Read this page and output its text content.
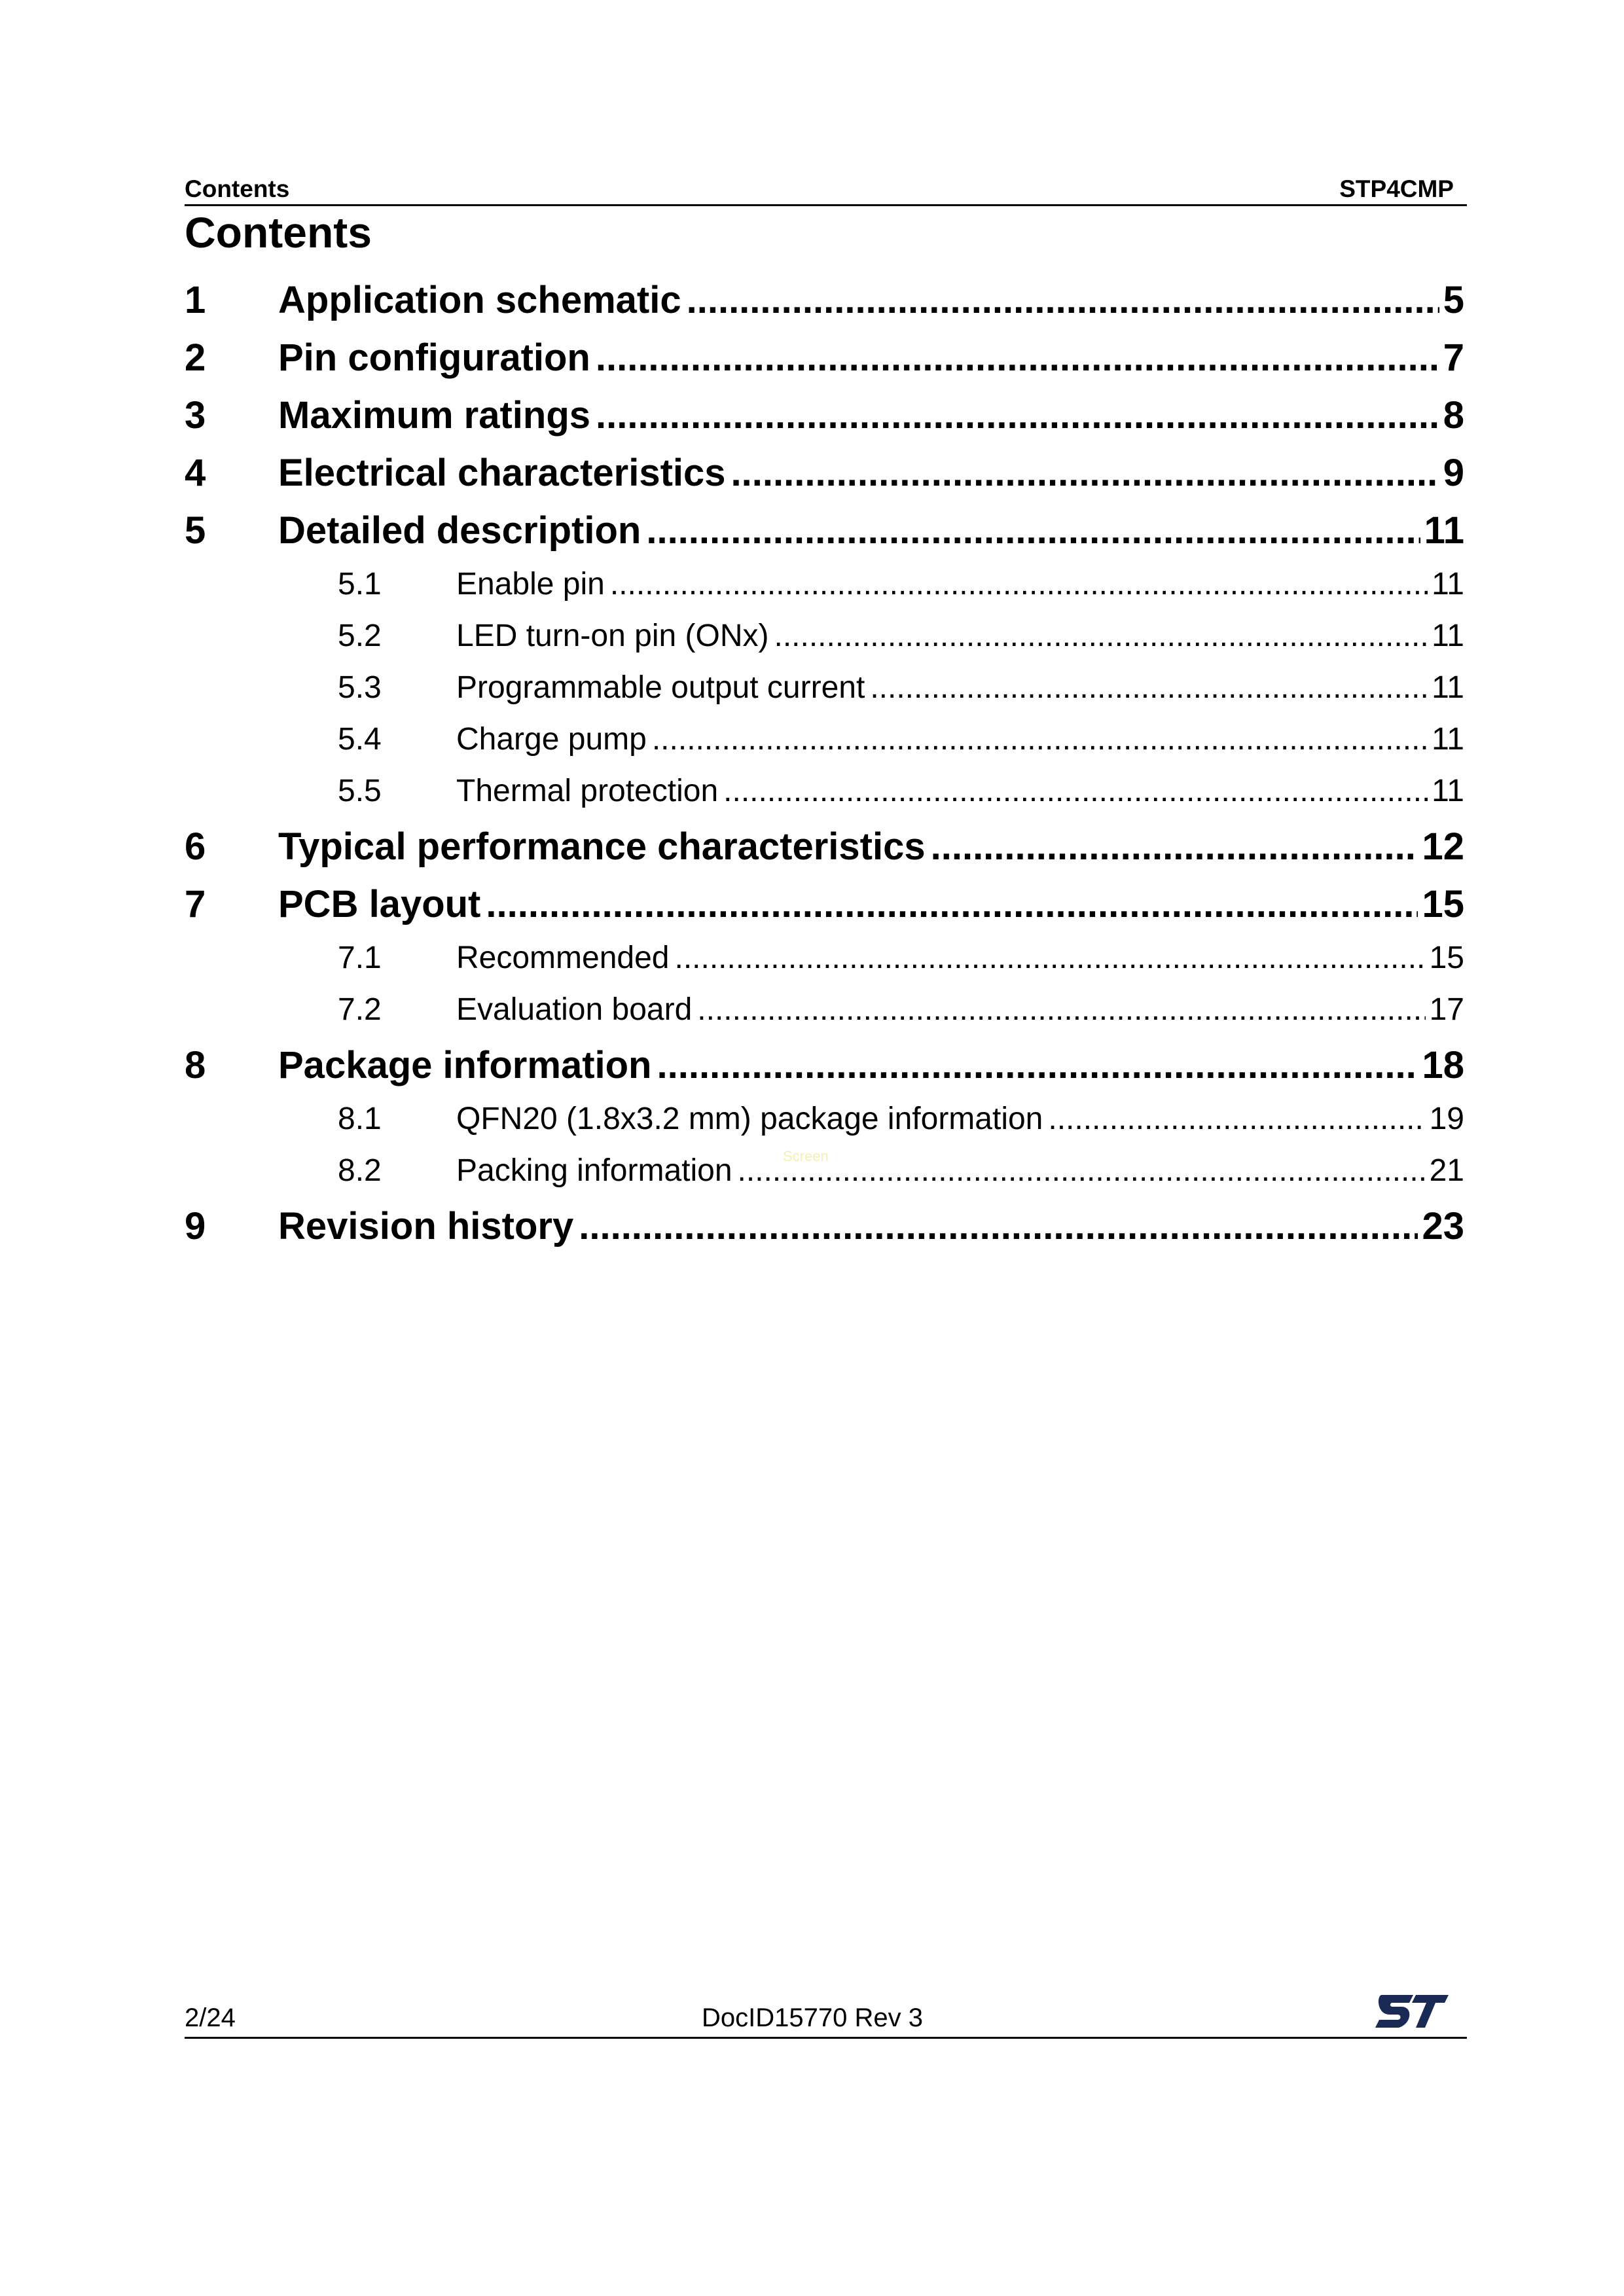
Contents	STP4CMP
Contents
1	Application schematic .....	5
2	Pin configuration .....	7
3	Maximum ratings .....	8
4	Electrical characteristics .....	9
5	Detailed description .....	11
5.1	Enable pin .....	11
5.2	LED turn-on pin (ONx) .....	11
5.3	Programmable output current .....	11
5.4	Charge pump .....	11
5.5	Thermal protection .....	11
6	Typical performance characteristics .....	12
7	PCB layout .....	15
7.1	Recommended .....	15
7.2	Evaluation board .....	17
8	Package information .....	18
8.1	QFN20 (1.8x3.2 mm) package information .....	19
8.2	Packing information .....	21
9	Revision history .....	23
Screen
2/24	DocID15770 Rev 3
